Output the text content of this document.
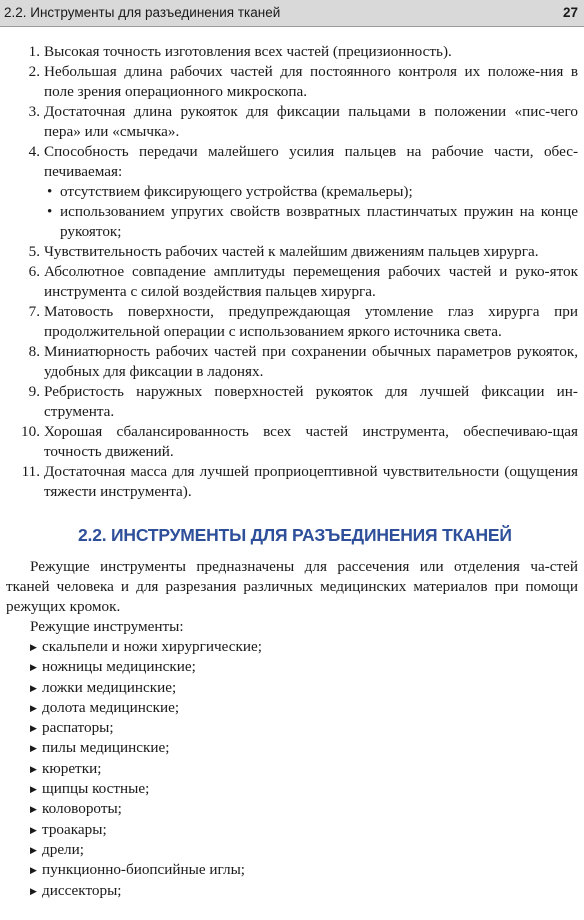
2.2. Инструменты для разъединения тканей	27
1. Высокая точность изготовления всех частей (прецизионность).
2. Небольшая длина рабочих частей для постоянного контроля их положе-ния в поле зрения операционного микроскопа.
3. Достаточная длина рукояток для фиксации пальцами в положении «пис-чего пера» или «смычка».
4. Способность передачи малейшего усилия пальцев на рабочие части, обес-печиваемая:
• отсутствием фиксирующего устройства (кремальеры);
• использованием упругих свойств возвратных пластинчатых пружин на конце рукояток;
5. Чувствительность рабочих частей к малейшим движениям пальцев хирурга.
6. Абсолютное совпадение амплитуды перемещения рабочих частей и руко-яток инструмента с силой воздействия пальцев хирурга.
7. Матовость поверхности, предупреждающая утомление глаз хирурга при продолжительной операции с использованием яркого источника света.
8. Миниатюрность рабочих частей при сохранении обычных параметров рукояток, удобных для фиксации в ладонях.
9. Ребристость наружных поверхностей рукояток для лучшей фиксации ин-струмента.
10. Хорошая сбалансированность всех частей инструмента, обеспечиваю-щая точность движений.
11. Достаточная масса для лучшей проприоцептивной чувствительности (ощущения тяжести инструмента).
2.2. ИНСТРУМЕНТЫ ДЛЯ РАЗЪЕДИНЕНИЯ ТКАНЕЙ

Режущие инструменты предназначены для рассечения или отделения ча-стей тканей человека и для разрезания различных медицинских материалов при помощи режущих кромок.

Режущие инструменты:

▶ скальпели и ножи хирургические;
▶ ножницы медицинские;
▶ ложки медицинские;
▶ долота медицинские;
▶ распаторы;
▶ пилы медицинские;
▶ кюретки;
▶ щипцы костные;
▶ коловороты;
▶ троакары;
▶ дрели;
▶ пункционно-биопсийные иглы;
▶ диссекторы;
